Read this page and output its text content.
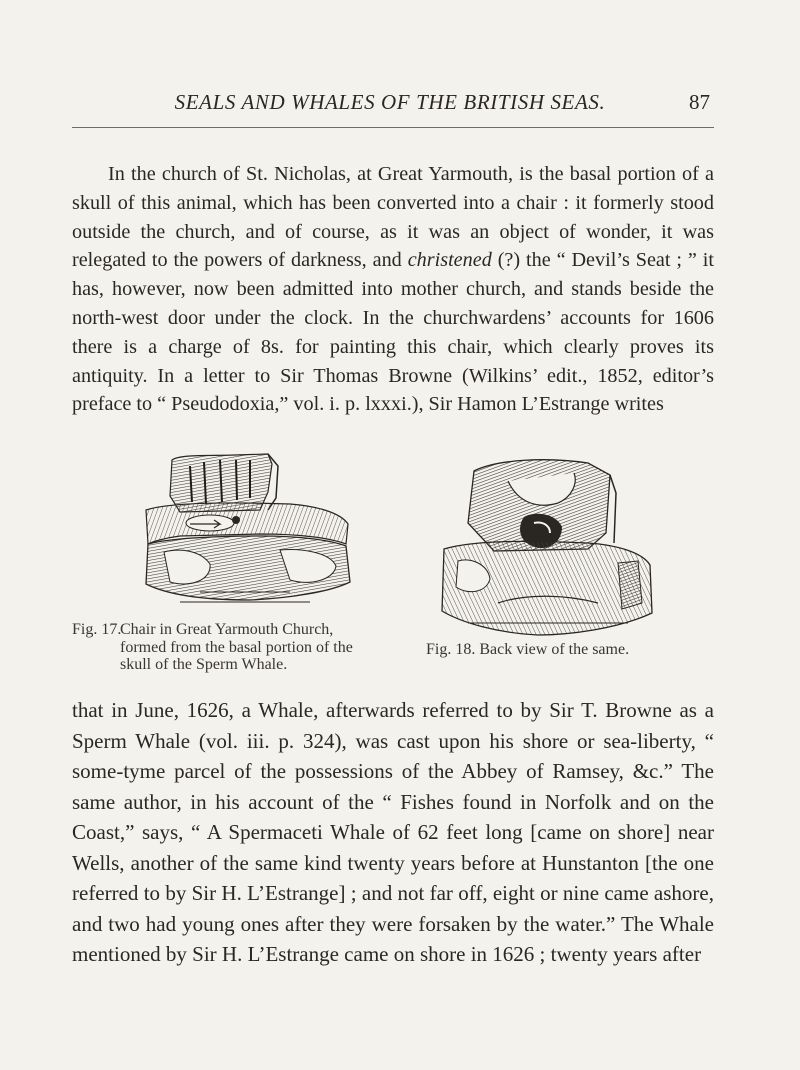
SEALS AND WHALES OF THE BRITISH SEAS.	87

In the church of St. Nicholas, at Great Yarmouth, is the basal portion of a skull of this animal, which has been converted into a chair : it formerly stood outside the church, and of course, as it was an object of wonder, it was relegated to the powers of darkness, and christened (?) the “ Devil’s Seat ; ” it has, however, now been admitted into mother church, and stands beside the north-west door under the clock. In the churchwardens’ accounts for 1606 there is a charge of 8s. for painting this chair, which clearly proves its antiquity. In a letter to Sir Thomas Browne (Wilkins’ edit., 1852, editor’s preface to “ Pseudodoxia,” vol. i. p. lxxxi.), Sir Hamon L’Estrange writes

Fig. 17.
Chair in Great Yarmouth Church, formed from the basal portion of the skull of the Sperm Whale.
Fig. 18. Back view of the same.

that in June, 1626, a Whale, afterwards referred to by Sir T. Browne as a Sperm Whale (vol. iii. p. 324), was cast upon his shore or sea-liberty, “ some-tyme parcel of the possessions of the Abbey of Ramsey, &c.” The same author, in his account of the “ Fishes found in Norfolk and on the Coast,” says, “ A Spermaceti Whale of 62 feet long [came on shore] near Wells, another of the same kind twenty years before at Hunstanton [the one referred to by Sir H. L’Estrange] ; and not far off, eight or nine came ashore, and two had young ones after they were forsaken by the water.” The Whale mentioned by Sir H. L’Estrange came on shore in 1626 ; twenty years after
